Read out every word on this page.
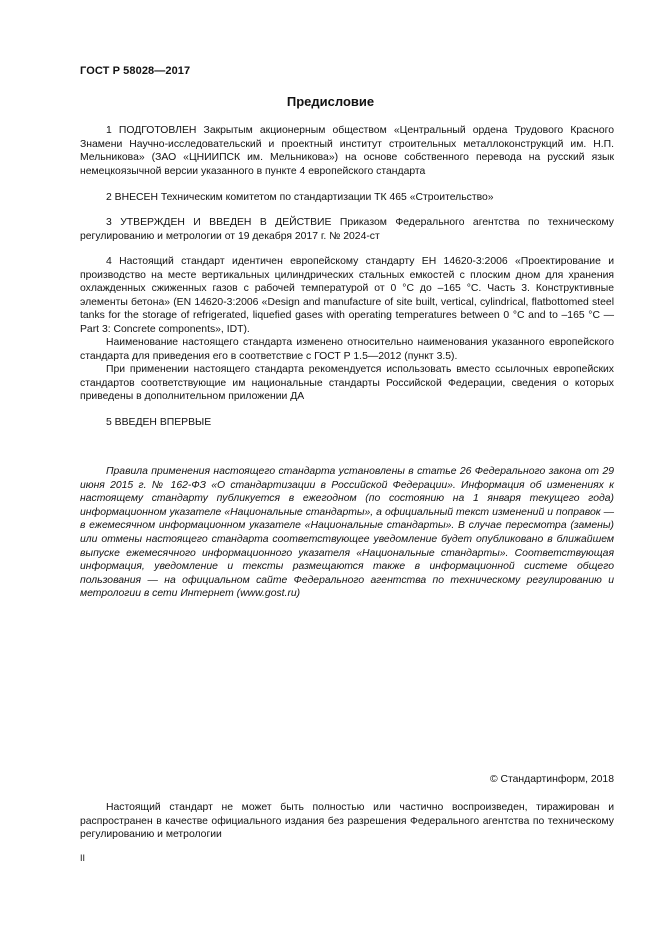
ГОСТ Р 58028—2017
Предисловие
1 ПОДГОТОВЛЕН Закрытым акционерным обществом «Центральный ордена Трудового Красного Знамени Научно-исследовательский и проектный институт строительных металлоконструкций им. Н.П. Мельникова» (ЗАО «ЦНИИПСК им. Мельникова») на основе собственного перевода на русский язык немецкоязычной версии указанного в пункте 4 европейского стандарта
2 ВНЕСЕН Техническим комитетом по стандартизации ТК 465 «Строительство»
3 УТВЕРЖДЕН И ВВЕДЕН В ДЕЙСТВИЕ Приказом Федерального агентства по техническому регулированию и метрологии от 19 декабря 2017 г. № 2024-ст
4 Настоящий стандарт идентичен европейскому стандарту ЕН 14620-3:2006 «Проектирование и производство на месте вертикальных цилиндрических стальных емкостей с плоским дном для хранения охлажденных сжиженных газов с рабочей температурой от 0 °С до –165 °С. Часть 3. Конструктивные элементы бетона» (EN 14620-3:2006 «Design and manufacture of site built, vertical, cylindrical, flatbottomed steel tanks for the storage of refrigerated, liquefied gases with operating temperatures between 0 °C and to –165 °C — Part 3: Concrete components», IDT).
Наименование настоящего стандарта изменено относительно наименования указанного европейского стандарта для приведения его в соответствие с ГОСТ Р 1.5—2012 (пункт 3.5).
При применении настоящего стандарта рекомендуется использовать вместо ссылочных европейских стандартов соответствующие им национальные стандарты Российской Федерации, сведения о которых приведены в дополнительном приложении ДА
5 ВВЕДЕН ВПЕРВЫЕ
Правила применения настоящего стандарта установлены в статье 26 Федерального закона от 29 июня 2015 г. № 162-ФЗ «О стандартизации в Российской Федерации». Информация об изменениях к настоящему стандарту публикуется в ежегодном (по состоянию на 1 января текущего года) информационном указателе «Национальные стандарты», а официальный текст изменений и поправок — в ежемесячном информационном указателе «Национальные стандарты». В случае пересмотра (замены) или отмены настоящего стандарта соответствующее уведомление будет опубликовано в ближайшем выпуске ежемесячного информационного указателя «Национальные стандарты». Соответствующая информация, уведомление и тексты размещаются также в информационной системе общего пользования — на официальном сайте Федерального агентства по техническому регулированию и метрологии в сети Интернет (www.gost.ru)
© Стандартинформ, 2018
Настоящий стандарт не может быть полностью или частично воспроизведен, тиражирован и распространен в качестве официального издания без разрешения Федерального агентства по техническому регулированию и метрологии
II
